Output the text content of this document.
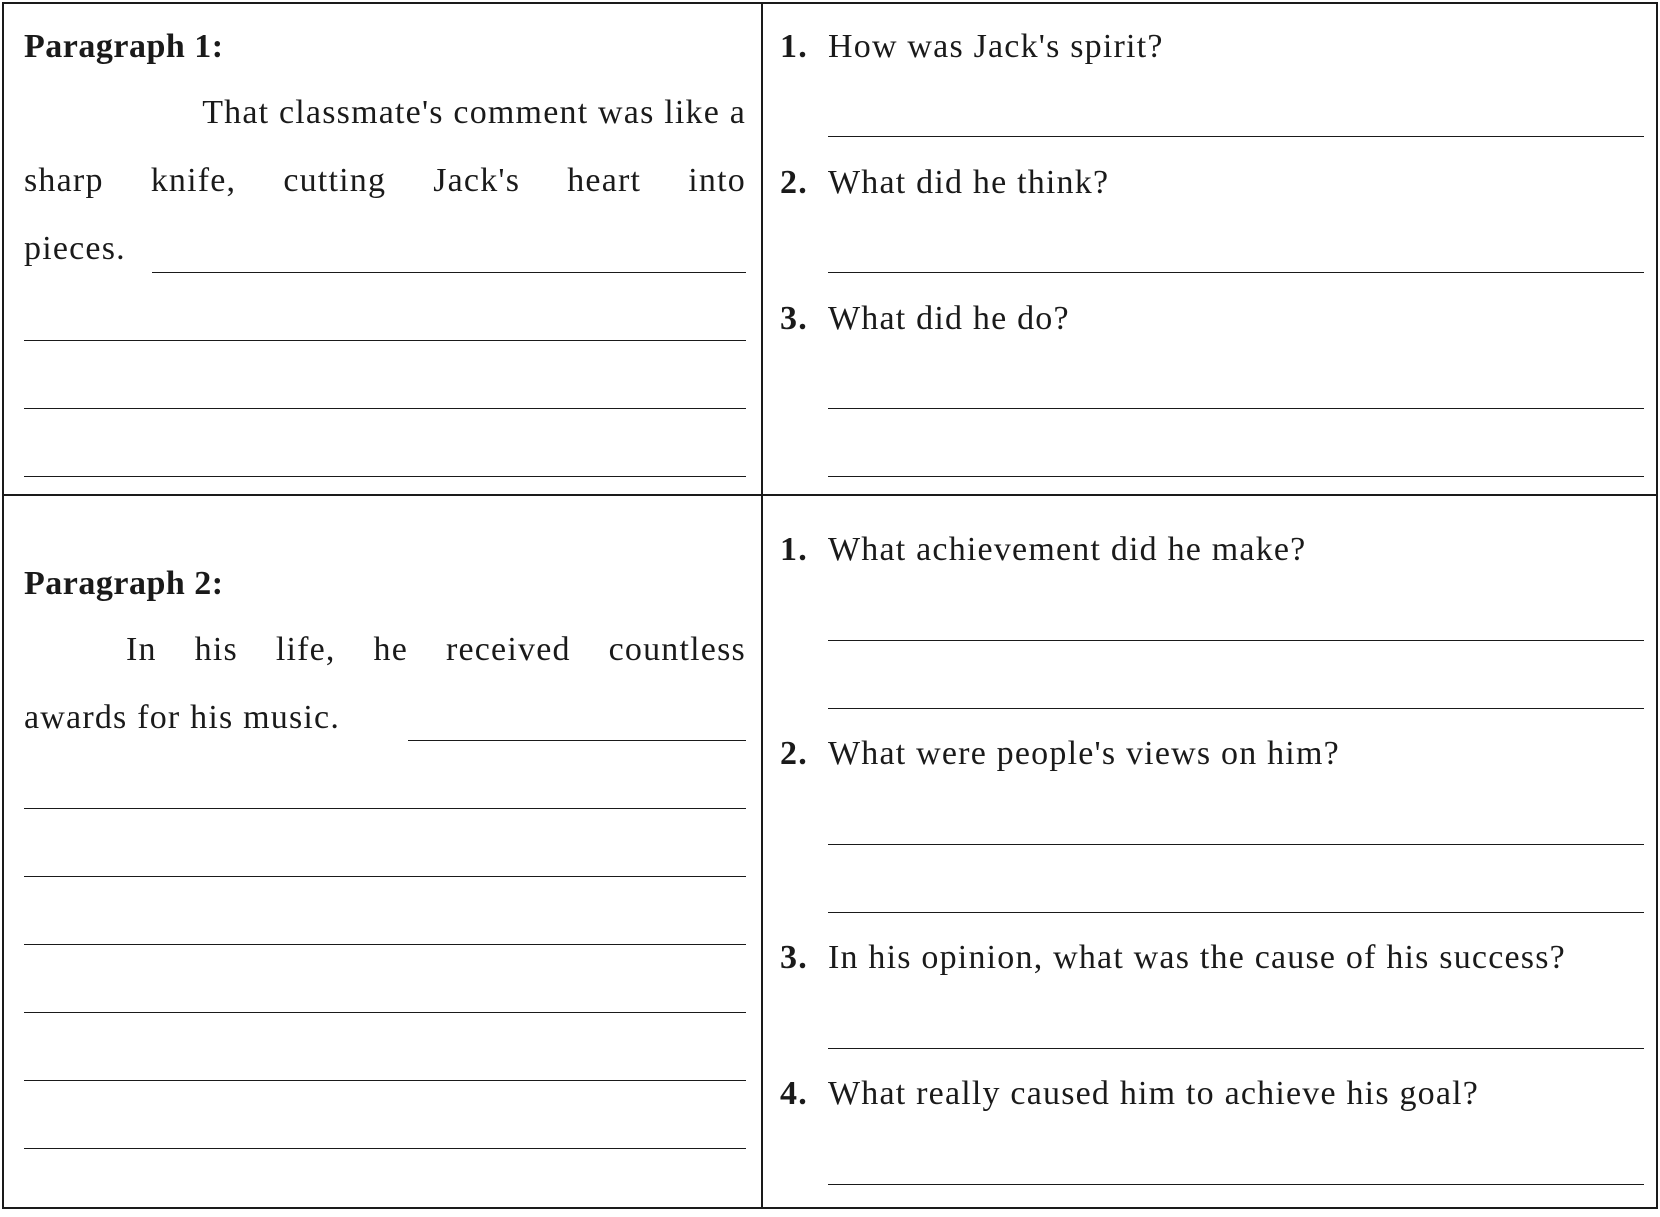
Paragraph 1:
That classmate's comment was like a
sharp knife, cutting Jack's heart into
pieces.
1. How was Jack's spirit?
2. What did he think?
3. What did he do?
Paragraph 2:
In his life, he received countless
awards for his music.
1. What achievement did he make?
2. What were people's views on him?
3. In his opinion, what was the cause of his success?
4. What really caused him to achieve his goal?
